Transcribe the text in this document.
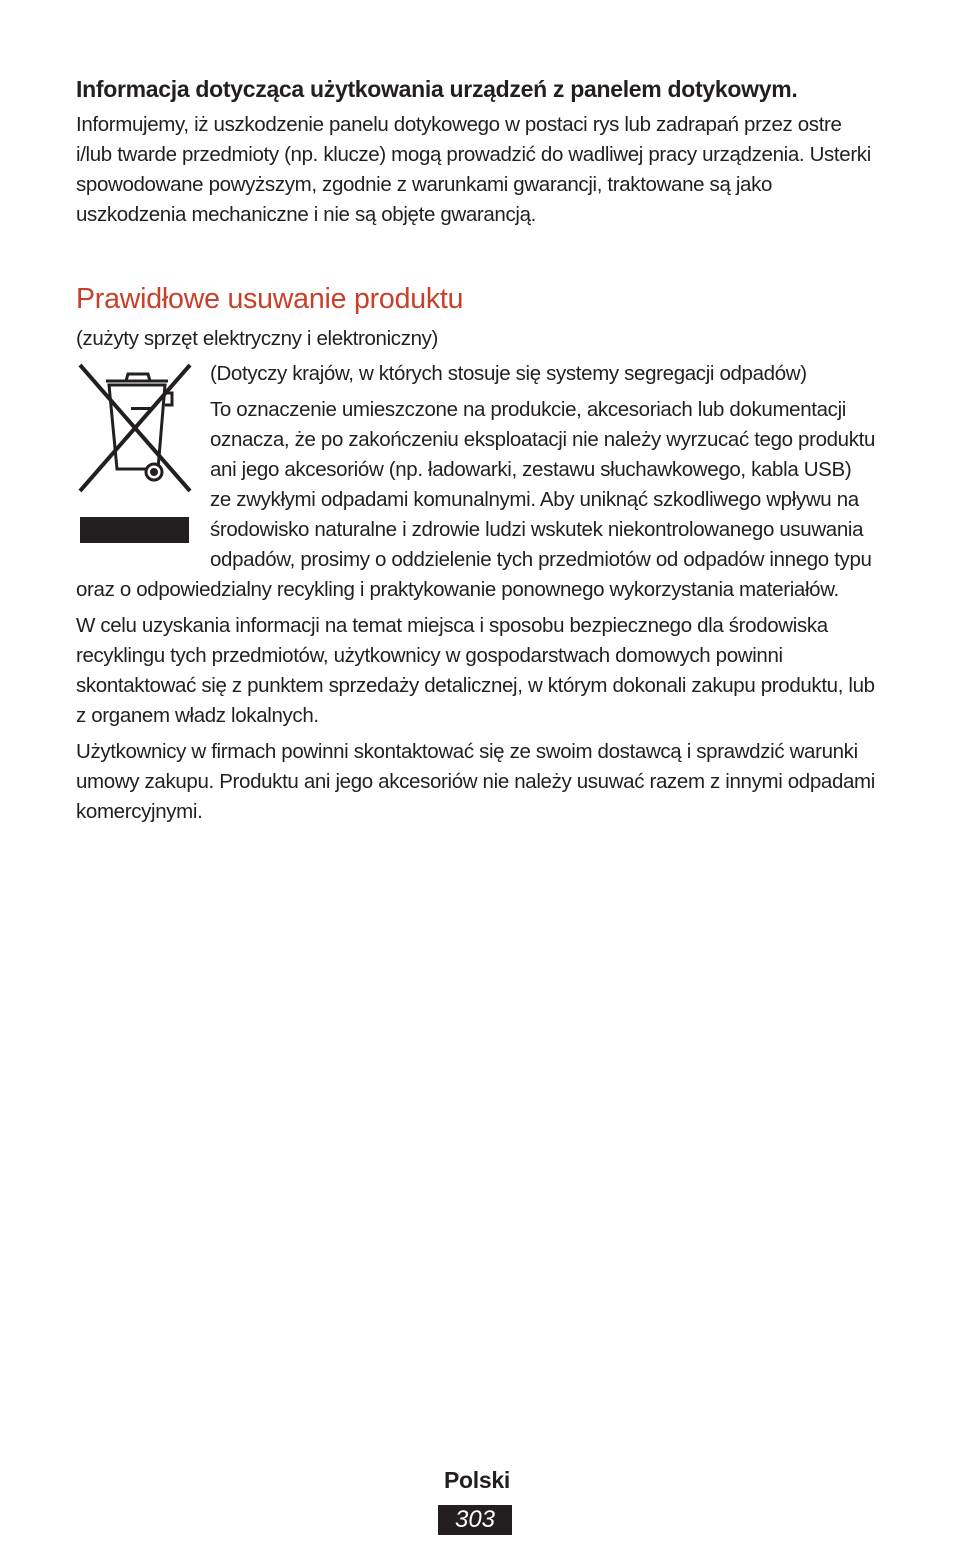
Informacja dotycząca użytkowania urządzeń z panelem dotykowym.

Informujemy, iż uszkodzenie panelu dotykowego w postaci rys lub zadrapań przez ostre i/lub twarde przedmioty (np. klucze) mogą prowadzić do wadliwej pracy urządzenia. Usterki spowodowane powyższym, zgodnie z warunkami gwarancji, traktowane są jako uszkodzenia mechaniczne i nie są objęte gwarancją.

Prawidłowe usuwanie produktu

(zużyty sprzęt elektryczny i elektroniczny)

(Dotyczy krajów, w których stosuje się systemy segregacji odpadów)

To oznaczenie umieszczone na produkcie, akcesoriach lub dokumentacji oznacza, że po zakończeniu eksploatacji nie należy wyrzucać tego produktu ani jego akcesoriów (np. ładowarki, zestawu słuchawkowego, kabla USB) ze zwykłymi odpadami komunalnymi. Aby uniknąć szkodliwego wpływu na środowisko naturalne i zdrowie ludzi wskutek niekontrolowanego usuwania odpadów, prosimy o oddzielenie tych przedmiotów od odpadów innego typu oraz o odpowiedzialny recykling i praktykowanie ponownego wykorzystania materiałów.

W celu uzyskania informacji na temat miejsca i sposobu bezpiecznego dla środowiska recyklingu tych przedmiotów, użytkownicy w gospodarstwach domowych powinni skontaktować się z punktem sprzedaży detalicznej, w którym dokonali zakupu produktu, lub z organem władz lokalnych.

Użytkownicy w firmach powinni skontaktować się ze swoim dostawcą i sprawdzić warunki umowy zakupu. Produktu ani jego akcesoriów nie należy usuwać razem z innymi odpadami komercyjnymi.

Polski
303
